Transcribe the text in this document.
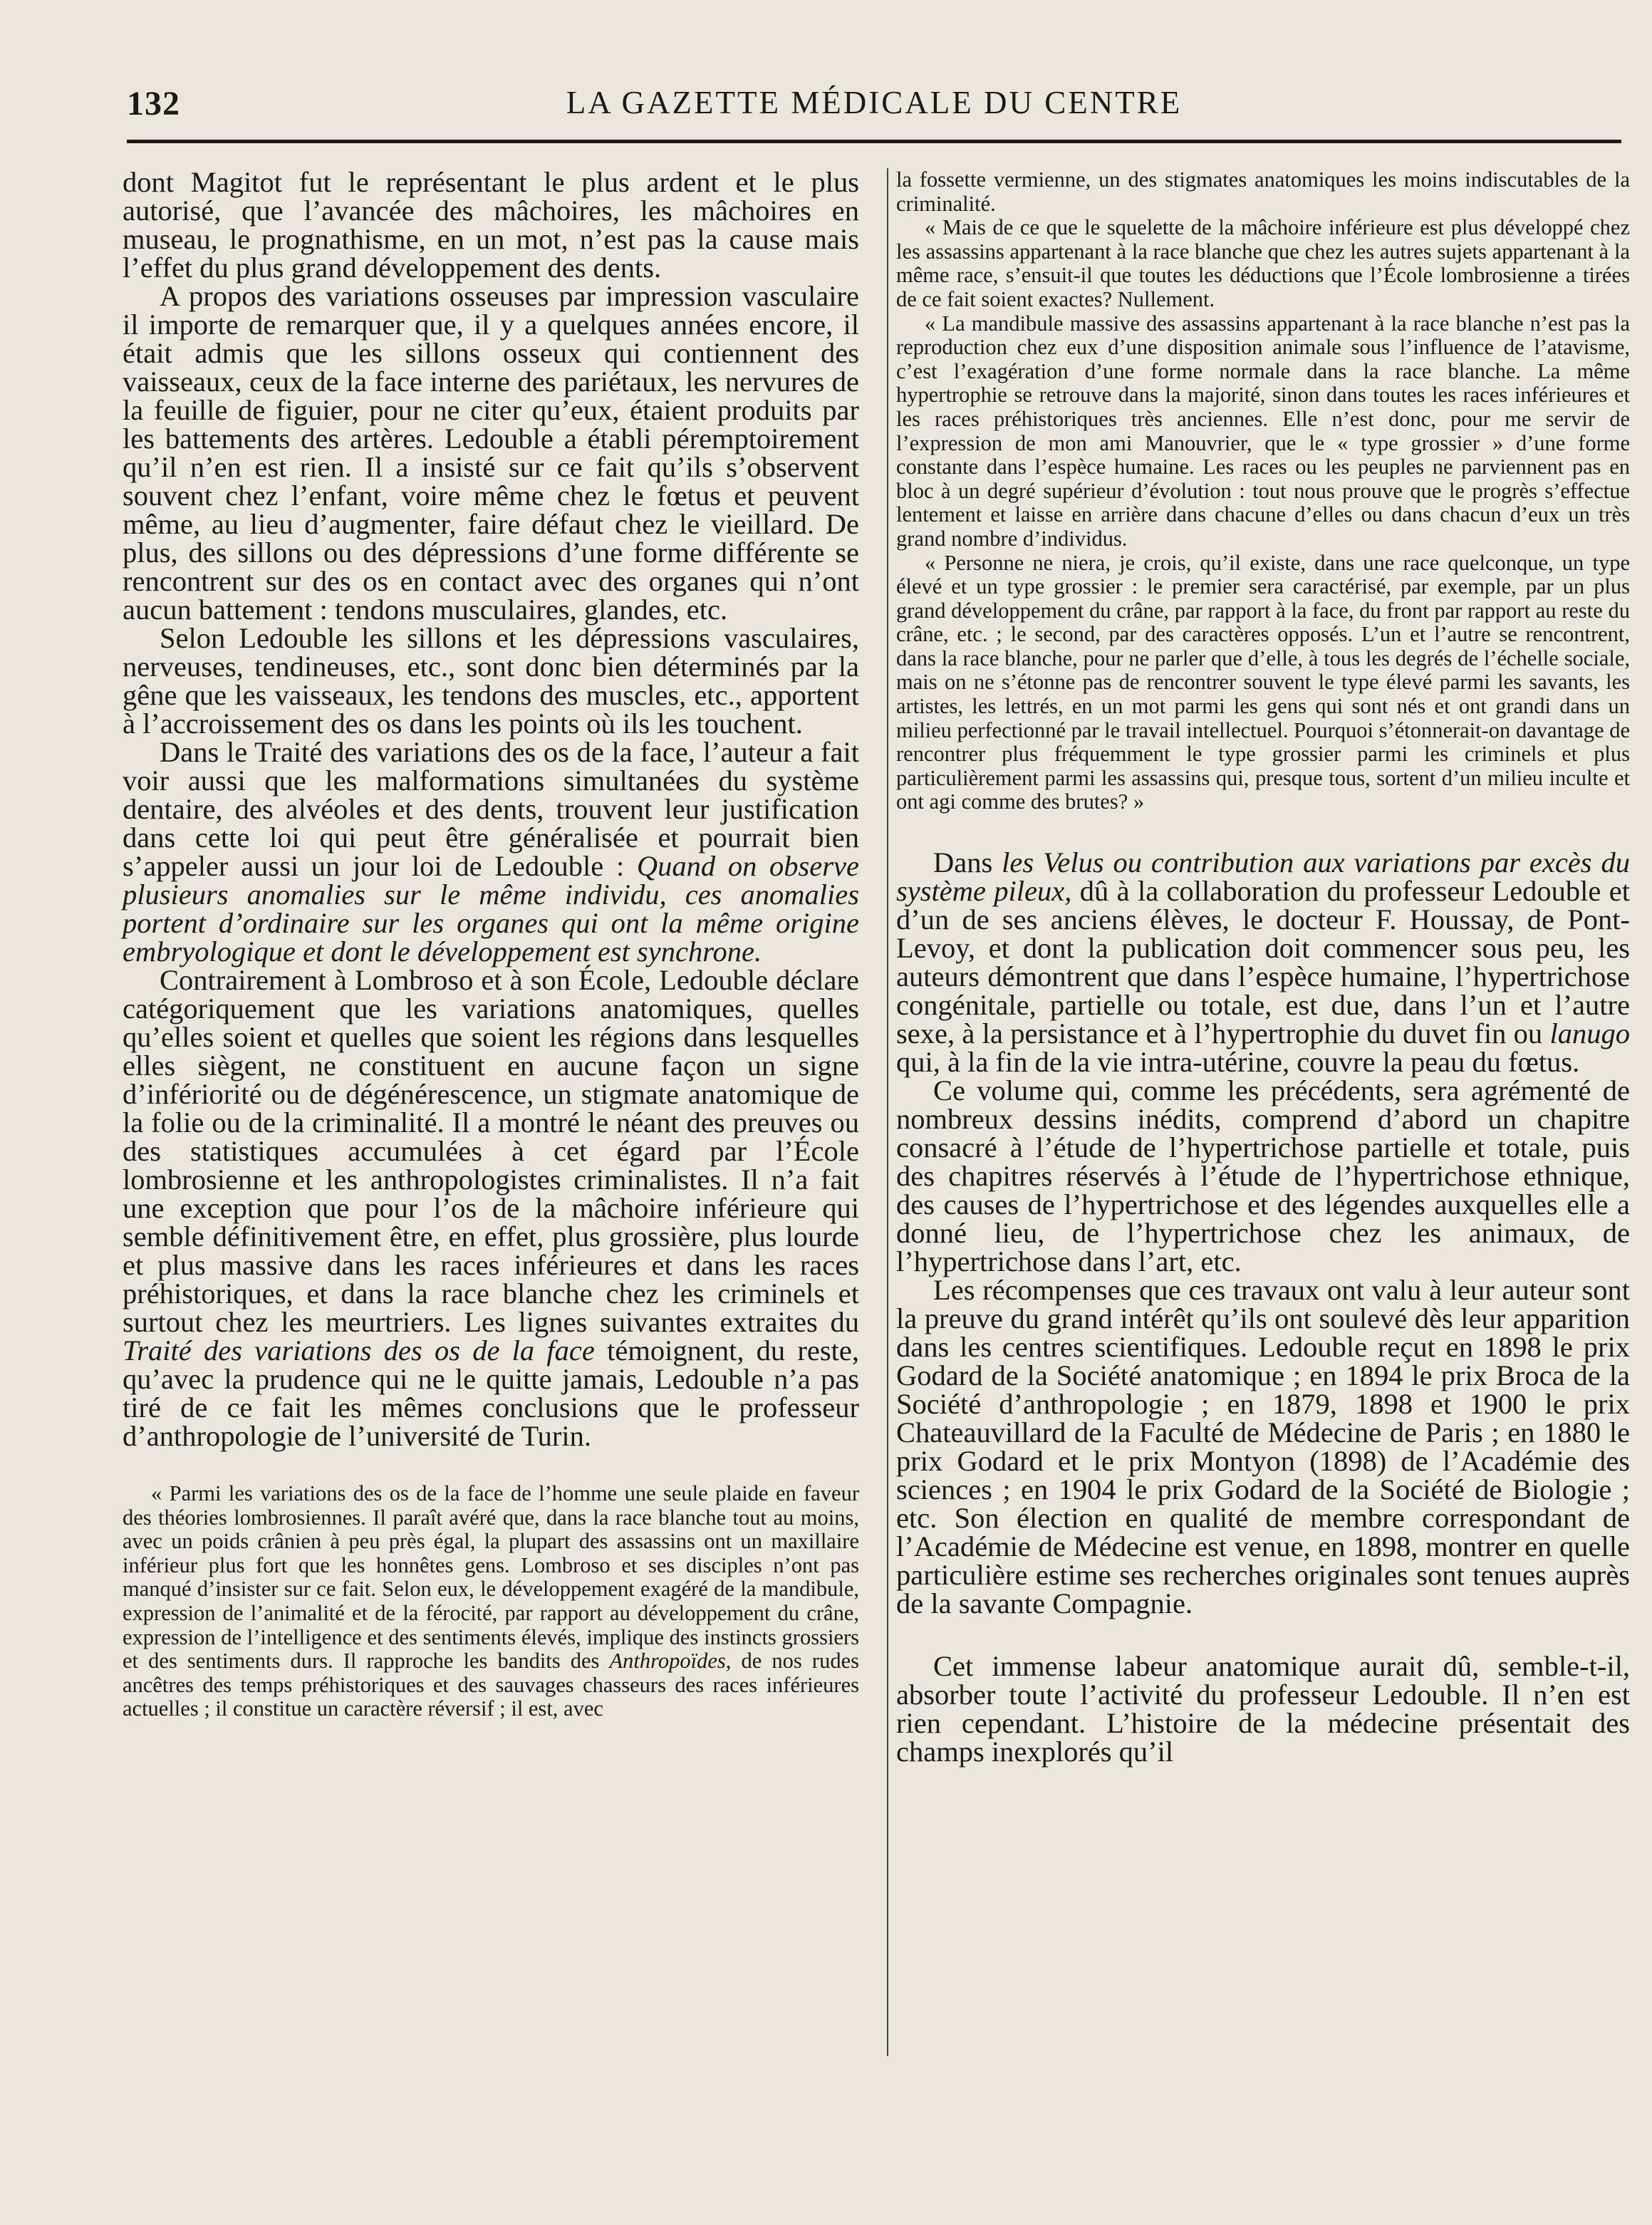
132	LA GAZETTE MÉDICALE DU CENTRE

dont Magitot fut le représentant le plus ardent et le plus autorisé, que l’avancée des mâchoires, les mâchoires en museau, le prognathisme, en un mot, n’est pas la cause mais l’effet du plus grand développement des dents.

A propos des variations osseuses par impression vasculaire il importe de remarquer que, il y a quelques années encore, il était admis que les sillons osseux qui contiennent des vaisseaux, ceux de la face interne des pariétaux, les nervures de la feuille de figuier, pour ne citer qu’eux, étaient produits par les battements des artères. Ledouble a établi péremptoirement qu’il n’en est rien. Il a insisté sur ce fait qu’ils s’observent souvent chez l’enfant, voire même chez le fœtus et peuvent même, au lieu d’augmenter, faire défaut chez le vieillard. De plus, des sillons ou des dépressions d’une forme différente se rencontrent sur des os en contact avec des organes qui n’ont aucun battement : tendons musculaires, glandes, etc.

Selon Ledouble les sillons et les dépressions vasculaires, nerveuses, tendineuses, etc., sont donc bien déterminés par la gêne que les vaisseaux, les tendons des muscles, etc., apportent à l’accroissement des os dans les points où ils les touchent.

Dans le Traité des variations des os de la face, l’auteur a fait voir aussi que les malformations simultanées du système dentaire, des alvéoles et des dents, trouvent leur justification dans cette loi qui peut être généralisée et pourrait bien s’appeler aussi un jour loi de Ledouble : Quand on observe plusieurs anomalies sur le même individu, ces anomalies portent d’ordinaire sur les organes qui ont la même origine embryologique et dont le développement est synchrone.

Contrairement à Lombroso et à son École, Ledouble déclare catégoriquement que les variations anatomiques, quelles qu’elles soient et quelles que soient les régions dans lesquelles elles siègent, ne constituent en aucune façon un signe d’infériorité ou de dégénérescence, un stigmate anatomique de la folie ou de la criminalité. Il a montré le néant des preuves ou des statistiques accumulées à cet égard par l’École lombrosienne et les anthropologistes criminalistes. Il n’a fait une exception que pour l’os de la mâchoire inférieure qui semble définitivement être, en effet, plus grossière, plus lourde et plus massive dans les races inférieures et dans les races préhistoriques, et dans la race blanche chez les criminels et surtout chez les meurtriers. Les lignes suivantes extraites du Traité des variations des os de la face témoignent, du reste, qu’avec la prudence qui ne le quitte jamais, Ledouble n’a pas tiré de ce fait les mêmes conclusions que le professeur d’anthropologie de l’université de Turin.

« Parmi les variations des os de la face de l’homme une seule plaide en faveur des théories lombrosiennes. Il paraît avéré que, dans la race blanche tout au moins, avec un poids crânien à peu près égal, la plupart des assassins ont un maxillaire inférieur plus fort que les honnêtes gens. Lombroso et ses disciples n’ont pas manqué d’insister sur ce fait. Selon eux, le développement exagéré de la mandibule, expression de l’animalité et de la férocité, par rapport au développement du crâne, expression de l’intelligence et des sentiments élevés, implique des instincts grossiers et des sentiments durs. Il rapproche les bandits des Anthropoïdes, de nos rudes ancêtres des temps préhistoriques et des sauvages chasseurs des races inférieures actuelles ; il constitue un caractère réversif ; il est, avec

la fossette vermienne, un des stigmates anatomiques les moins indiscutables de la criminalité.

« Mais de ce que le squelette de la mâchoire inférieure est plus développé chez les assassins appartenant à la race blanche que chez les autres sujets appartenant à la même race, s’ensuit-il que toutes les déductions que l’École lombrosienne a tirées de ce fait soient exactes? Nullement.

« La mandibule massive des assassins appartenant à la race blanche n’est pas la reproduction chez eux d’une disposition animale sous l’influence de l’atavisme, c’est l’exagération d’une forme normale dans la race blanche. La même hypertrophie se retrouve dans la majorité, sinon dans toutes les races inférieures et les races préhistoriques très anciennes. Elle n’est donc, pour me servir de l’expression de mon ami Manouvrier, que le « type grossier » d’une forme constante dans l’espèce humaine. Les races ou les peuples ne parviennent pas en bloc à un degré supérieur d’évolution : tout nous prouve que le progrès s’effectue lentement et laisse en arrière dans chacune d’elles ou dans chacun d’eux un très grand nombre d’individus.

« Personne ne niera, je crois, qu’il existe, dans une race quelconque, un type élevé et un type grossier : le premier sera caractérisé, par exemple, par un plus grand développement du crâne, par rapport à la face, du front par rapport au reste du crâne, etc. ; le second, par des caractères opposés. L’un et l’autre se rencontrent, dans la race blanche, pour ne parler que d’elle, à tous les degrés de l’échelle sociale, mais on ne s’étonne pas de rencontrer souvent le type élevé parmi les savants, les artistes, les lettrés, en un mot parmi les gens qui sont nés et ont grandi dans un milieu perfectionné par le travail intellectuel. Pourquoi s’étonnerait-on davantage de rencontrer plus fréquemment le type grossier parmi les criminels et plus particulièrement parmi les assassins qui, presque tous, sortent d’un milieu inculte et ont agi comme des brutes? »

Dans les Velus ou contribution aux variations par excès du système pileux, dû à la collaboration du professeur Ledouble et d’un de ses anciens élèves, le docteur F. Houssay, de Pont-Levoy, et dont la publication doit commencer sous peu, les auteurs démontrent que dans l’espèce humaine, l’hypertrichose congénitale, partielle ou totale, est due, dans l’un et l’autre sexe, à la persistance et à l’hypertrophie du duvet fin ou lanugo qui, à la fin de la vie intra-utérine, couvre la peau du fœtus.

Ce volume qui, comme les précédents, sera agrémenté de nombreux dessins inédits, comprend d’abord un chapitre consacré à l’étude de l’hypertrichose partielle et totale, puis des chapitres réservés à l’étude de l’hypertrichose ethnique, des causes de l’hypertrichose et des légendes auxquelles elle a donné lieu, de l’hypertrichose chez les animaux, de l’hypertrichose dans l’art, etc.

Les récompenses que ces travaux ont valu à leur auteur sont la preuve du grand intérêt qu’ils ont soulevé dès leur apparition dans les centres scientifiques. Ledouble reçut en 1898 le prix Godard de la Société anatomique ; en 1894 le prix Broca de la Société d’anthropologie ; en 1879, 1898 et 1900 le prix Chateauvillard de la Faculté de Médecine de Paris ; en 1880 le prix Godard et le prix Montyon (1898) de l’Académie des sciences ; en 1904 le prix Godard de la Société de Biologie ; etc. Son élection en qualité de membre correspondant de l’Académie de Médecine est venue, en 1898, montrer en quelle particulière estime ses recherches originales sont tenues auprès de la savante Compagnie.

Cet immense labeur anatomique aurait dû, semble-t-il, absorber toute l’activité du professeur Ledouble. Il n’en est rien cependant. L’histoire de la médecine présentait des champs inexplorés qu’il
